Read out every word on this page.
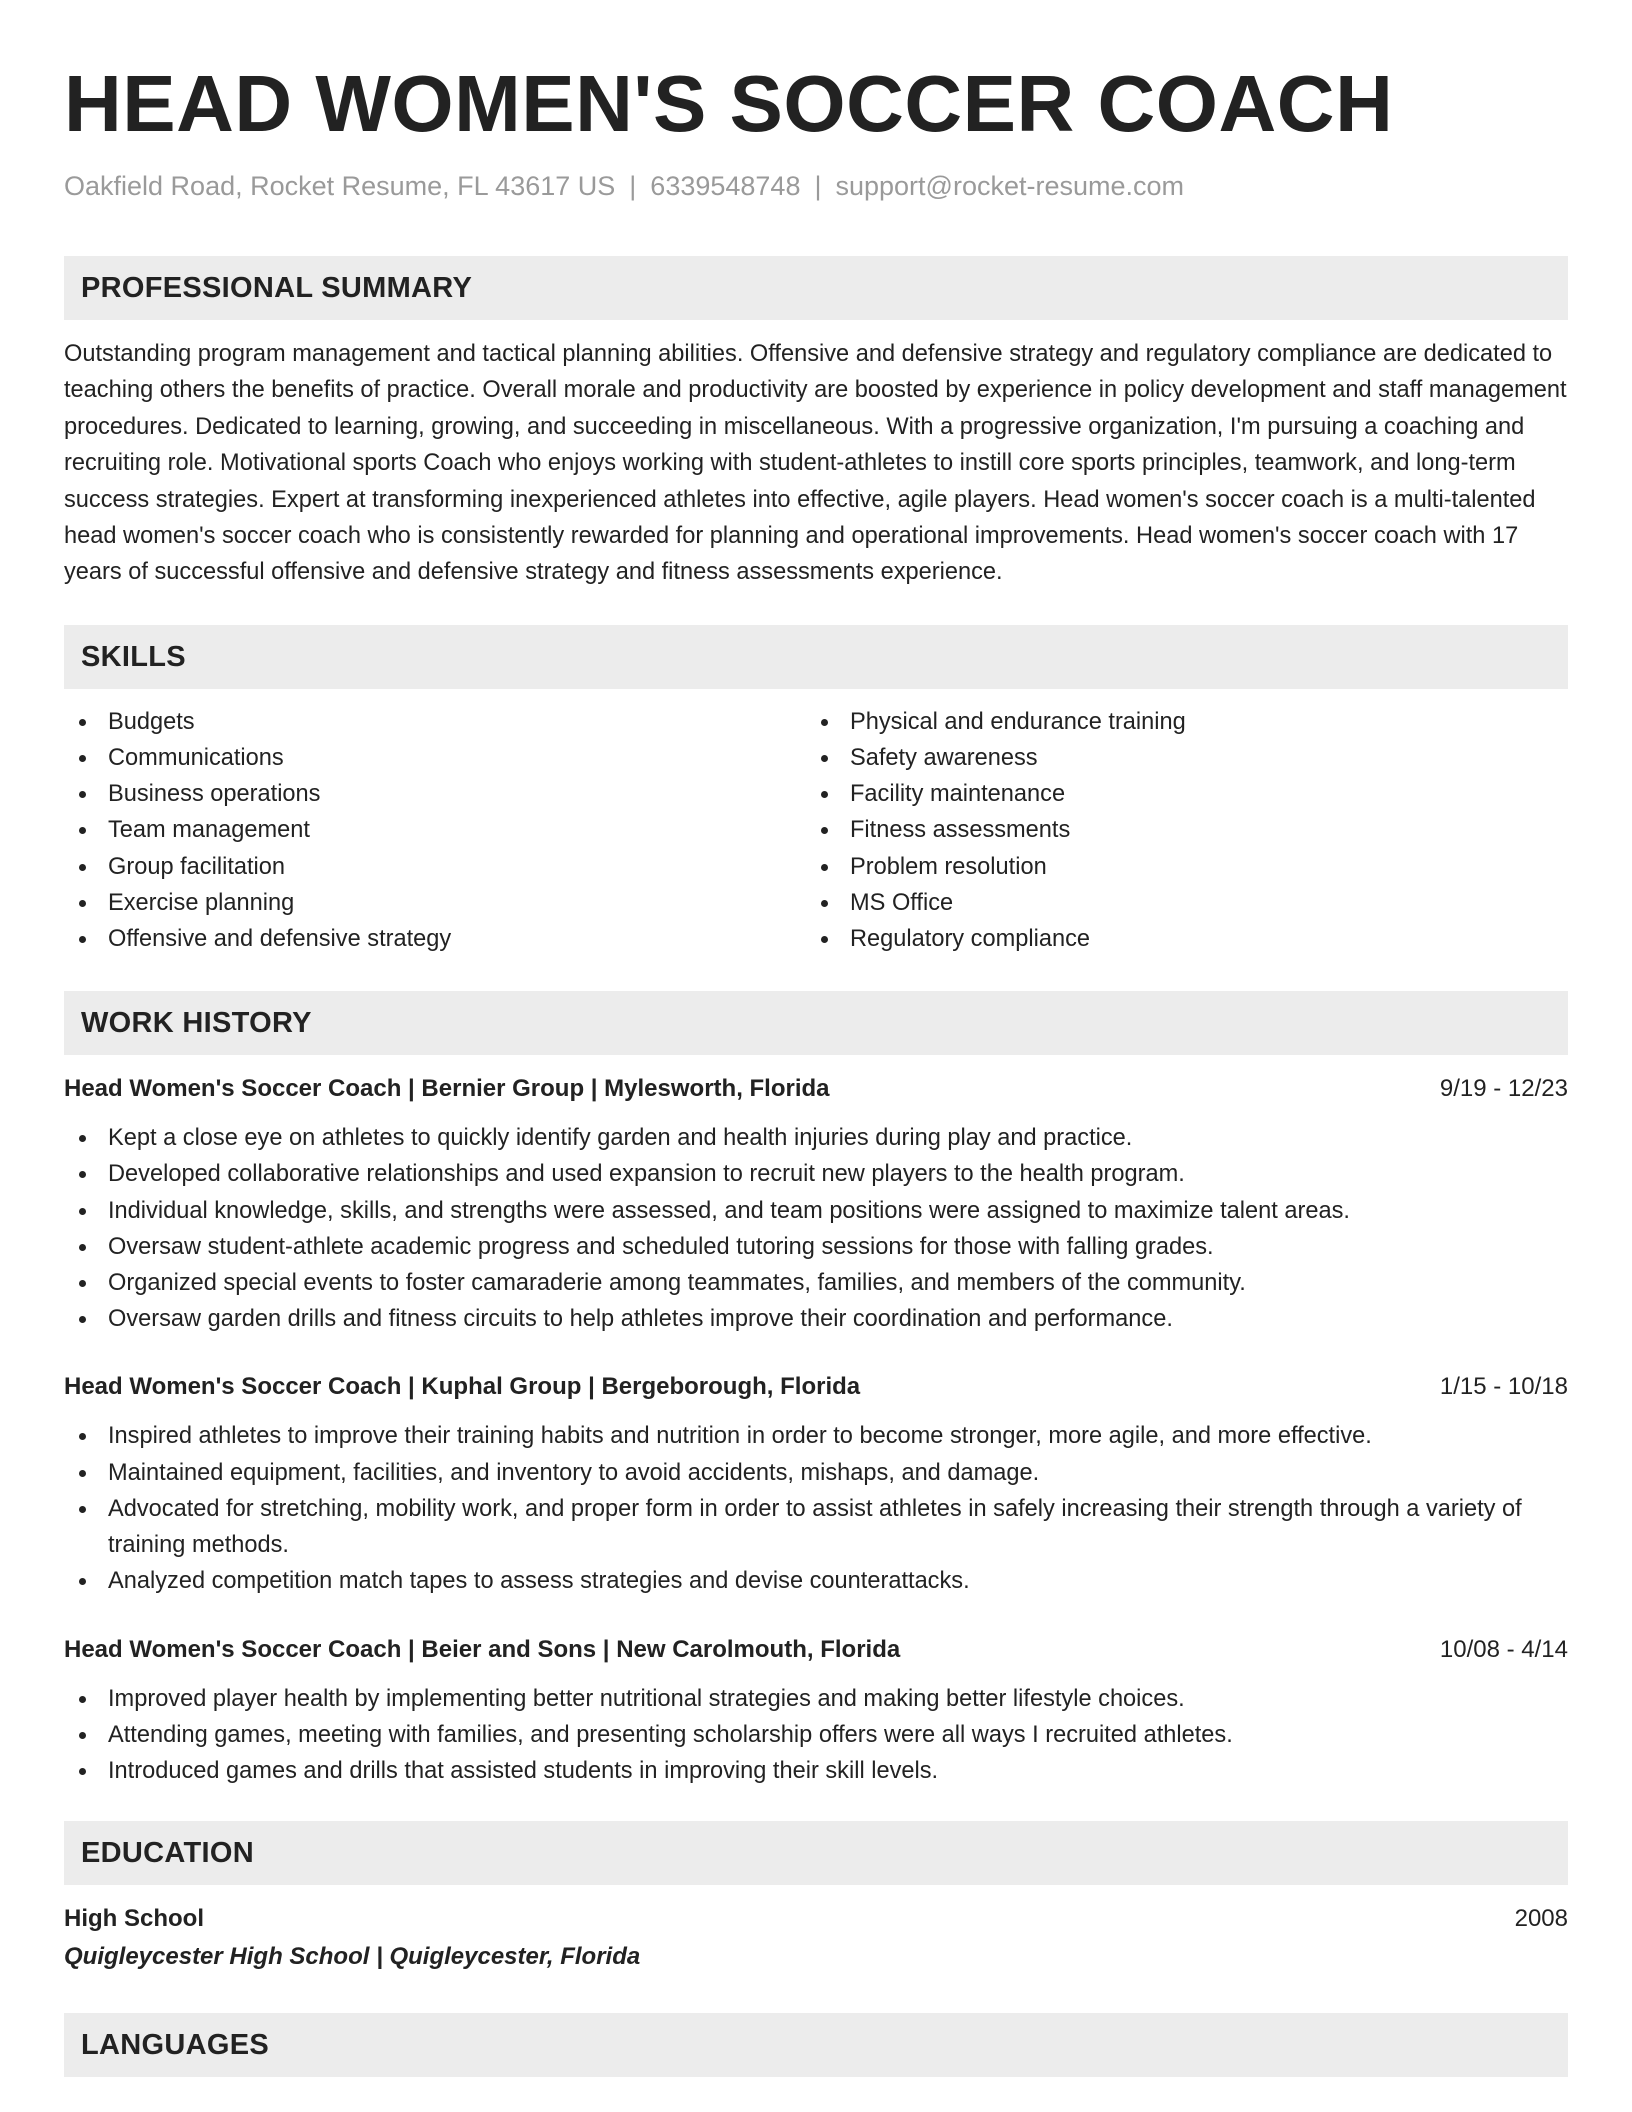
HEAD WOMEN'S SOCCER COACH
Oakfield Road, Rocket Resume, FL 43617 US | 6339548748 | support@rocket-resume.com
PROFESSIONAL SUMMARY

Outstanding program management and tactical planning abilities. Offensive and defensive strategy and regulatory compliance are dedicated to teaching others the benefits of practice. Overall morale and productivity are boosted by experience in policy development and staff management procedures. Dedicated to learning, growing, and succeeding in miscellaneous. With a progressive organization, I'm pursuing a coaching and recruiting role. Motivational sports Coach who enjoys working with student-athletes to instill core sports principles, teamwork, and long-term success strategies. Expert at transforming inexperienced athletes into effective, agile players. Head women's soccer coach is a multi-talented head women's soccer coach who is consistently rewarded for planning and operational improvements. Head women's soccer coach with 17 years of successful offensive and defensive strategy and fitness assessments experience.

SKILLS
Budgets
Communications
Business operations
Team management
Group facilitation
Exercise planning
Offensive and defensive strategy
Physical and endurance training
Safety awareness
Facility maintenance
Fitness assessments
Problem resolution
MS Office
Regulatory compliance
WORK HISTORY
Head Women's Soccer Coach | Bernier Group | Mylesworth, Florida	9/19 - 12/23
Kept a close eye on athletes to quickly identify garden and health injuries during play and practice.
Developed collaborative relationships and used expansion to recruit new players to the health program.
Individual knowledge, skills, and strengths were assessed, and team positions were assigned to maximize talent areas.
Oversaw student-athlete academic progress and scheduled tutoring sessions for those with falling grades.
Organized special events to foster camaraderie among teammates, families, and members of the community.
Oversaw garden drills and fitness circuits to help athletes improve their coordination and performance.
Head Women's Soccer Coach | Kuphal Group | Bergeborough, Florida	1/15 - 10/18
Inspired athletes to improve their training habits and nutrition in order to become stronger, more agile, and more effective.
Maintained equipment, facilities, and inventory to avoid accidents, mishaps, and damage.
Advocated for stretching, mobility work, and proper form in order to assist athletes in safely increasing their strength through a variety of training methods.
Analyzed competition match tapes to assess strategies and devise counterattacks.
Head Women's Soccer Coach | Beier and Sons | New Carolmouth, Florida	10/08 - 4/14
Improved player health by implementing better nutritional strategies and making better lifestyle choices.
Attending games, meeting with families, and presenting scholarship offers were all ways I recruited athletes.
Introduced games and drills that assisted students in improving their skill levels.
EDUCATION
High School	2008
Quigleycester High School | Quigleycester, Florida
LANGUAGES
